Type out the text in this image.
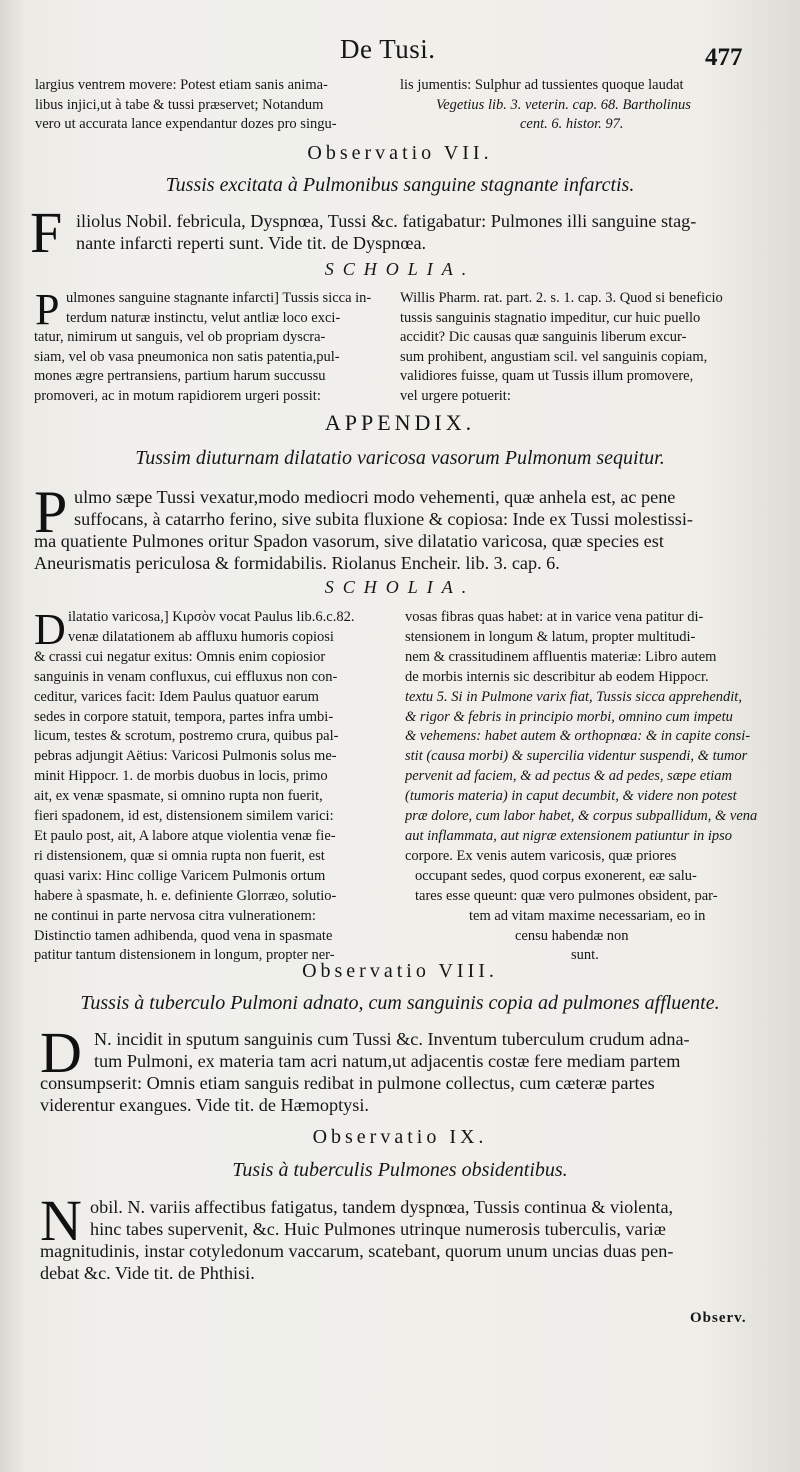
De Tusi.	477

largius ventrem movere: Potest etiam sanis anima-

libus injici,ut à tabe & tussi præservet; Notandum

vero ut accurata lance expendantur dozes pro singu-

lis jumentis: Sulphur ad tussientes quoque laudat

Vegetius lib. 3. veterin. cap. 68. Bartholinus

cent. 6. histor. 97.

Observatio VII.
Tussis excitata à Pulmonibus sanguine stagnante infarctis.
F iliolus Nobil. febricula, Dyspnœa, Tussi &c. fatigabatur: Pulmones illi sanguine stag-

nante infarcti reperti sunt. Vide tit. de Dyspnœa.

SCHOLIA.
P ulmones sanguine stagnante infarcti] Tussis sicca in-

terdum naturæ instinctu, velut antliæ loco exci-

tatur, nimirum ut sanguis, vel ob propriam dyscra-

siam, vel ob vasa pneumonica non satis patentia,pul-

mones ægre pertransiens, partium harum succussu

promoveri, ac in motum rapidiorem urgeri possit:

Willis Pharm. rat. part. 2. s. 1. cap. 3. Quod si beneficio

tussis sanguinis stagnatio impeditur, cur huic puello

accidit? Dic causas quæ sanguinis liberum excur-

sum prohibent, angustiam scil. vel sanguinis copiam,

validiores fuisse, quam ut Tussis illum promovere,

vel urgere potuerit:

APPENDIX.
Tussim diuturnam dilatatio varicosa vasorum Pulmonum sequitur.
P ulmo sæpe Tussi vexatur,modo mediocri modo vehementi, quæ anhela est, ac pene

suffocans, à catarrho ferino, sive subita fluxione & copiosa: Inde ex Tussi molestissi-

ma quatiente Pulmones oritur Spadon vasorum, sive dilatatio varicosa, quæ species est

Aneurismatis periculosa & formidabilis. Riolanus Encheir. lib. 3. cap. 6.

SCHOLIA.
D ilatatio varicosa,] Κιρσὸν vocat Paulus lib.6.c.82.

venæ dilatationem ab affluxu humoris copiosi

& crassi cui negatur exitus: Omnis enim copiosior

sanguinis in venam confluxus, cui effluxus non con-

ceditur, varices facit: Idem Paulus quatuor earum

sedes in corpore statuit, tempora, partes infra umbi-

licum, testes & scrotum, postremo crura, quibus pal-

pebras adjungit Aëtius: Varicosi Pulmonis solus me-

minit Hippocr. 1. de morbis duobus in locis, primo

ait, ex venæ spasmate, si omnino rupta non fuerit,

fieri spadonem, id est, distensionem similem varici:

Et paulo post, ait, A labore atque violentia venæ fie-

ri distensionem, quæ si omnia rupta non fuerit, est

quasi varix: Hinc collige Varicem Pulmonis ortum

habere à spasmate, h. e. definiente Glorræo, solutio-

ne continui in parte nervosa citra vulnerationem:

Distinctio tamen adhibenda, quod vena in spasmate

patitur tantum distensionem in longum, propter ner-

vosas fibras quas habet: at in varice vena patitur di-

stensionem in longum & latum, propter multitudi-

nem & crassitudinem affluentis materiæ: Libro autem

de morbis internis sic describitur ab eodem Hippocr.

textu 5. Si in Pulmone varix fiat, Tussis sicca apprehendit,

& rigor & febris in principio morbi, omnino cum impetu

& vehemens: habet autem & orthopnœa: & in capite consi-

stit (causa morbi) & supercilia videntur suspendi, & tumor

pervenit ad faciem, & ad pectus & ad pedes, sæpe etiam

(tumoris materia) in caput decumbit, & videre non potest

præ dolore, cum labor habet, & corpus subpallidum, & vena

aut inflammata, aut nigræ extensionem patiuntur in ipso

corpore. Ex venis autem varicosis, quæ priores

occupant sedes, quod corpus exonerent, eæ salu-

tares esse queunt: quæ vero pulmones obsident, par-

tem ad vitam maxime necessariam, eo in

censu habendæ non

sunt.

Observatio VIII.
Tussis à tuberculo Pulmoni adnato, cum sanguinis copia ad pulmones affluente.
D N. incidit in sputum sanguinis cum Tussi &c. Inventum tuberculum crudum adna-

tum Pulmoni, ex materia tam acri natum,ut adjacentis costæ fere mediam partem

consumpserit: Omnis etiam sanguis redibat in pulmone collectus, cum cæteræ partes

viderentur exangues. Vide tit. de Hæmoptysi.

Observatio IX.
Tusis à tuberculis Pulmones obsidentibus.
N obil. N. variis affectibus fatigatus, tandem dyspnœa, Tussis continua & violenta,

hinc tabes supervenit, &c. Huic Pulmones utrinque numerosis tuberculis, variæ

magnitudinis, instar cotyledonum vaccarum, scatebant, quorum unum uncias duas pen-

debat &c. Vide tit. de Phthisi.

Observ.
